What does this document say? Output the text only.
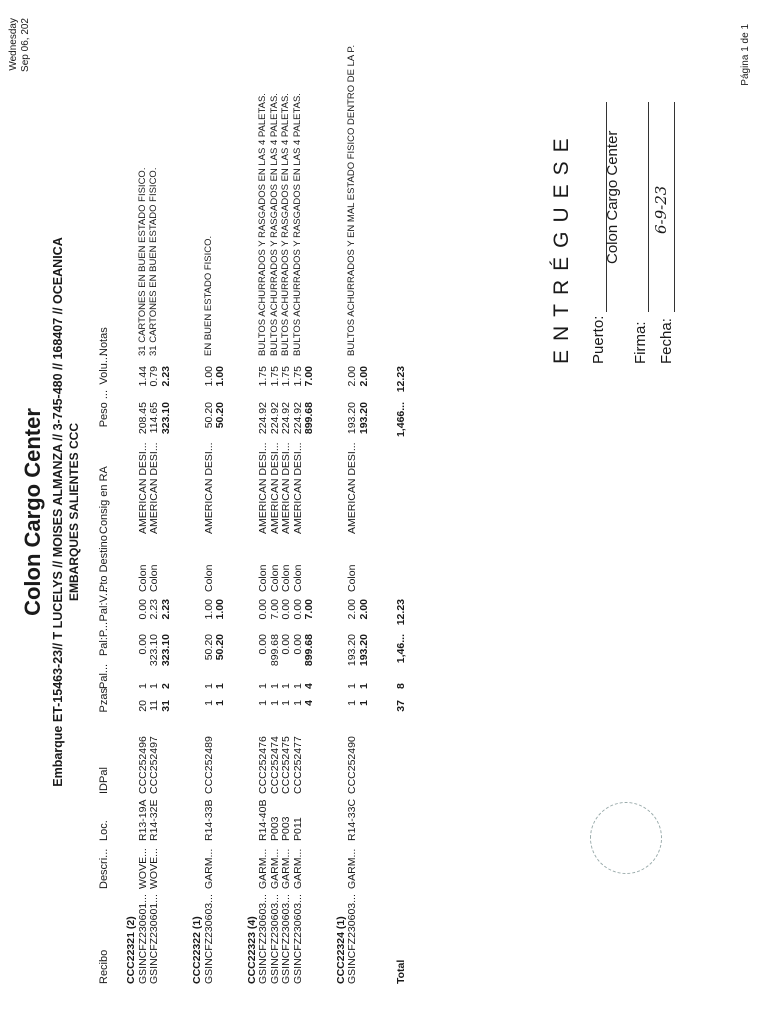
Wednesday Sep 06, 202
Colon Cargo Center Embarque ET-15463-23// T LUCELYS // MOISES ALMANZA // 3-745-480 // 168407 // OCEANICA EMBARQUES SALIENTES CCC
Recibo
Descri...
Loc.
IDPal
Pzas
Pal...
Pal:P...
Pal:V...
Pto Destino
Consig en RA
Peso ...
Volu...
Notas
CCC22321 (2) GSINCFZ230601...
WOVE...
R13-19A
CCC252496
20
1
0.00
0.00
Colon
AMERICAN DESI...
208.45
1.44
31 CARTONES EN BUEN ESTADO FISICO.
GSINCFZ230601...
WOVE...
R14-32E
CCC252497
11
1
323.10
2.23
Colon
AMERICAN DESI...
114.65
0.79
31 CARTONES EN BUEN ESTADO FISICO.
31
2
323.10
2.23
323.10
2.23
CCC22322 (1) GSINCFZ230603...
GARM...
R14-33B
CCC252489
1
1
50.20
1.00
Colon
AMERICAN DESI...
50.20
1.00
EN BUEN ESTADO FISICO.
1
1
50.20
1.00
50.20
1.00
CCC22323 (4) GSINCFZ230603...
GARM...
R14-40B
CCC252476
1
1
0.00
0.00
Colon
AMERICAN DESI...
224.92
1.75
BULTOS ACHURRADOS Y RASGADOS EN LAS 4 PALETAS.
GSINCFZ230603...
GARM...
P003
CCC252474
1
1
899.68
7.00
Colon
AMERICAN DESI...
224.92
1.75
BULTOS ACHURRADOS Y RASGADOS EN LAS 4 PALETAS.
GSINCFZ230603...
GARM...
P003
CCC252475
1
1
0.00
0.00
Colon
AMERICAN DESI...
224.92
1.75
BULTOS ACHURRADOS Y RASGADOS EN LAS 4 PALETAS.
GSINCFZ230603...
GARM...
P011
CCC252477
1
1
0.00
0.00
Colon
AMERICAN DESI...
224.92
1.75
BULTOS ACHURRADOS Y RASGADOS EN LAS 4 PALETAS.
4
4
899.68
7.00
899.68
7.00
CCC22324 (1) GSINCFZ230603...
GARM...
R14-33C
CCC252490
1
1
193.20
2.00
Colon
AMERICAN DESI...
193.20
2.00
BULTOS ACHURRADOS Y EN MAL ESTADO FISICO DENTRO DE LA P.
1
1
193.20
2.00
193.20
2.00
Total
37
8
1,46...
12.23
1,466...
12.23
ENTRÉGUESE Puerto:
Colon Cargo Center
Firma: Fecha:
6-9-23
Página 1 de 1
